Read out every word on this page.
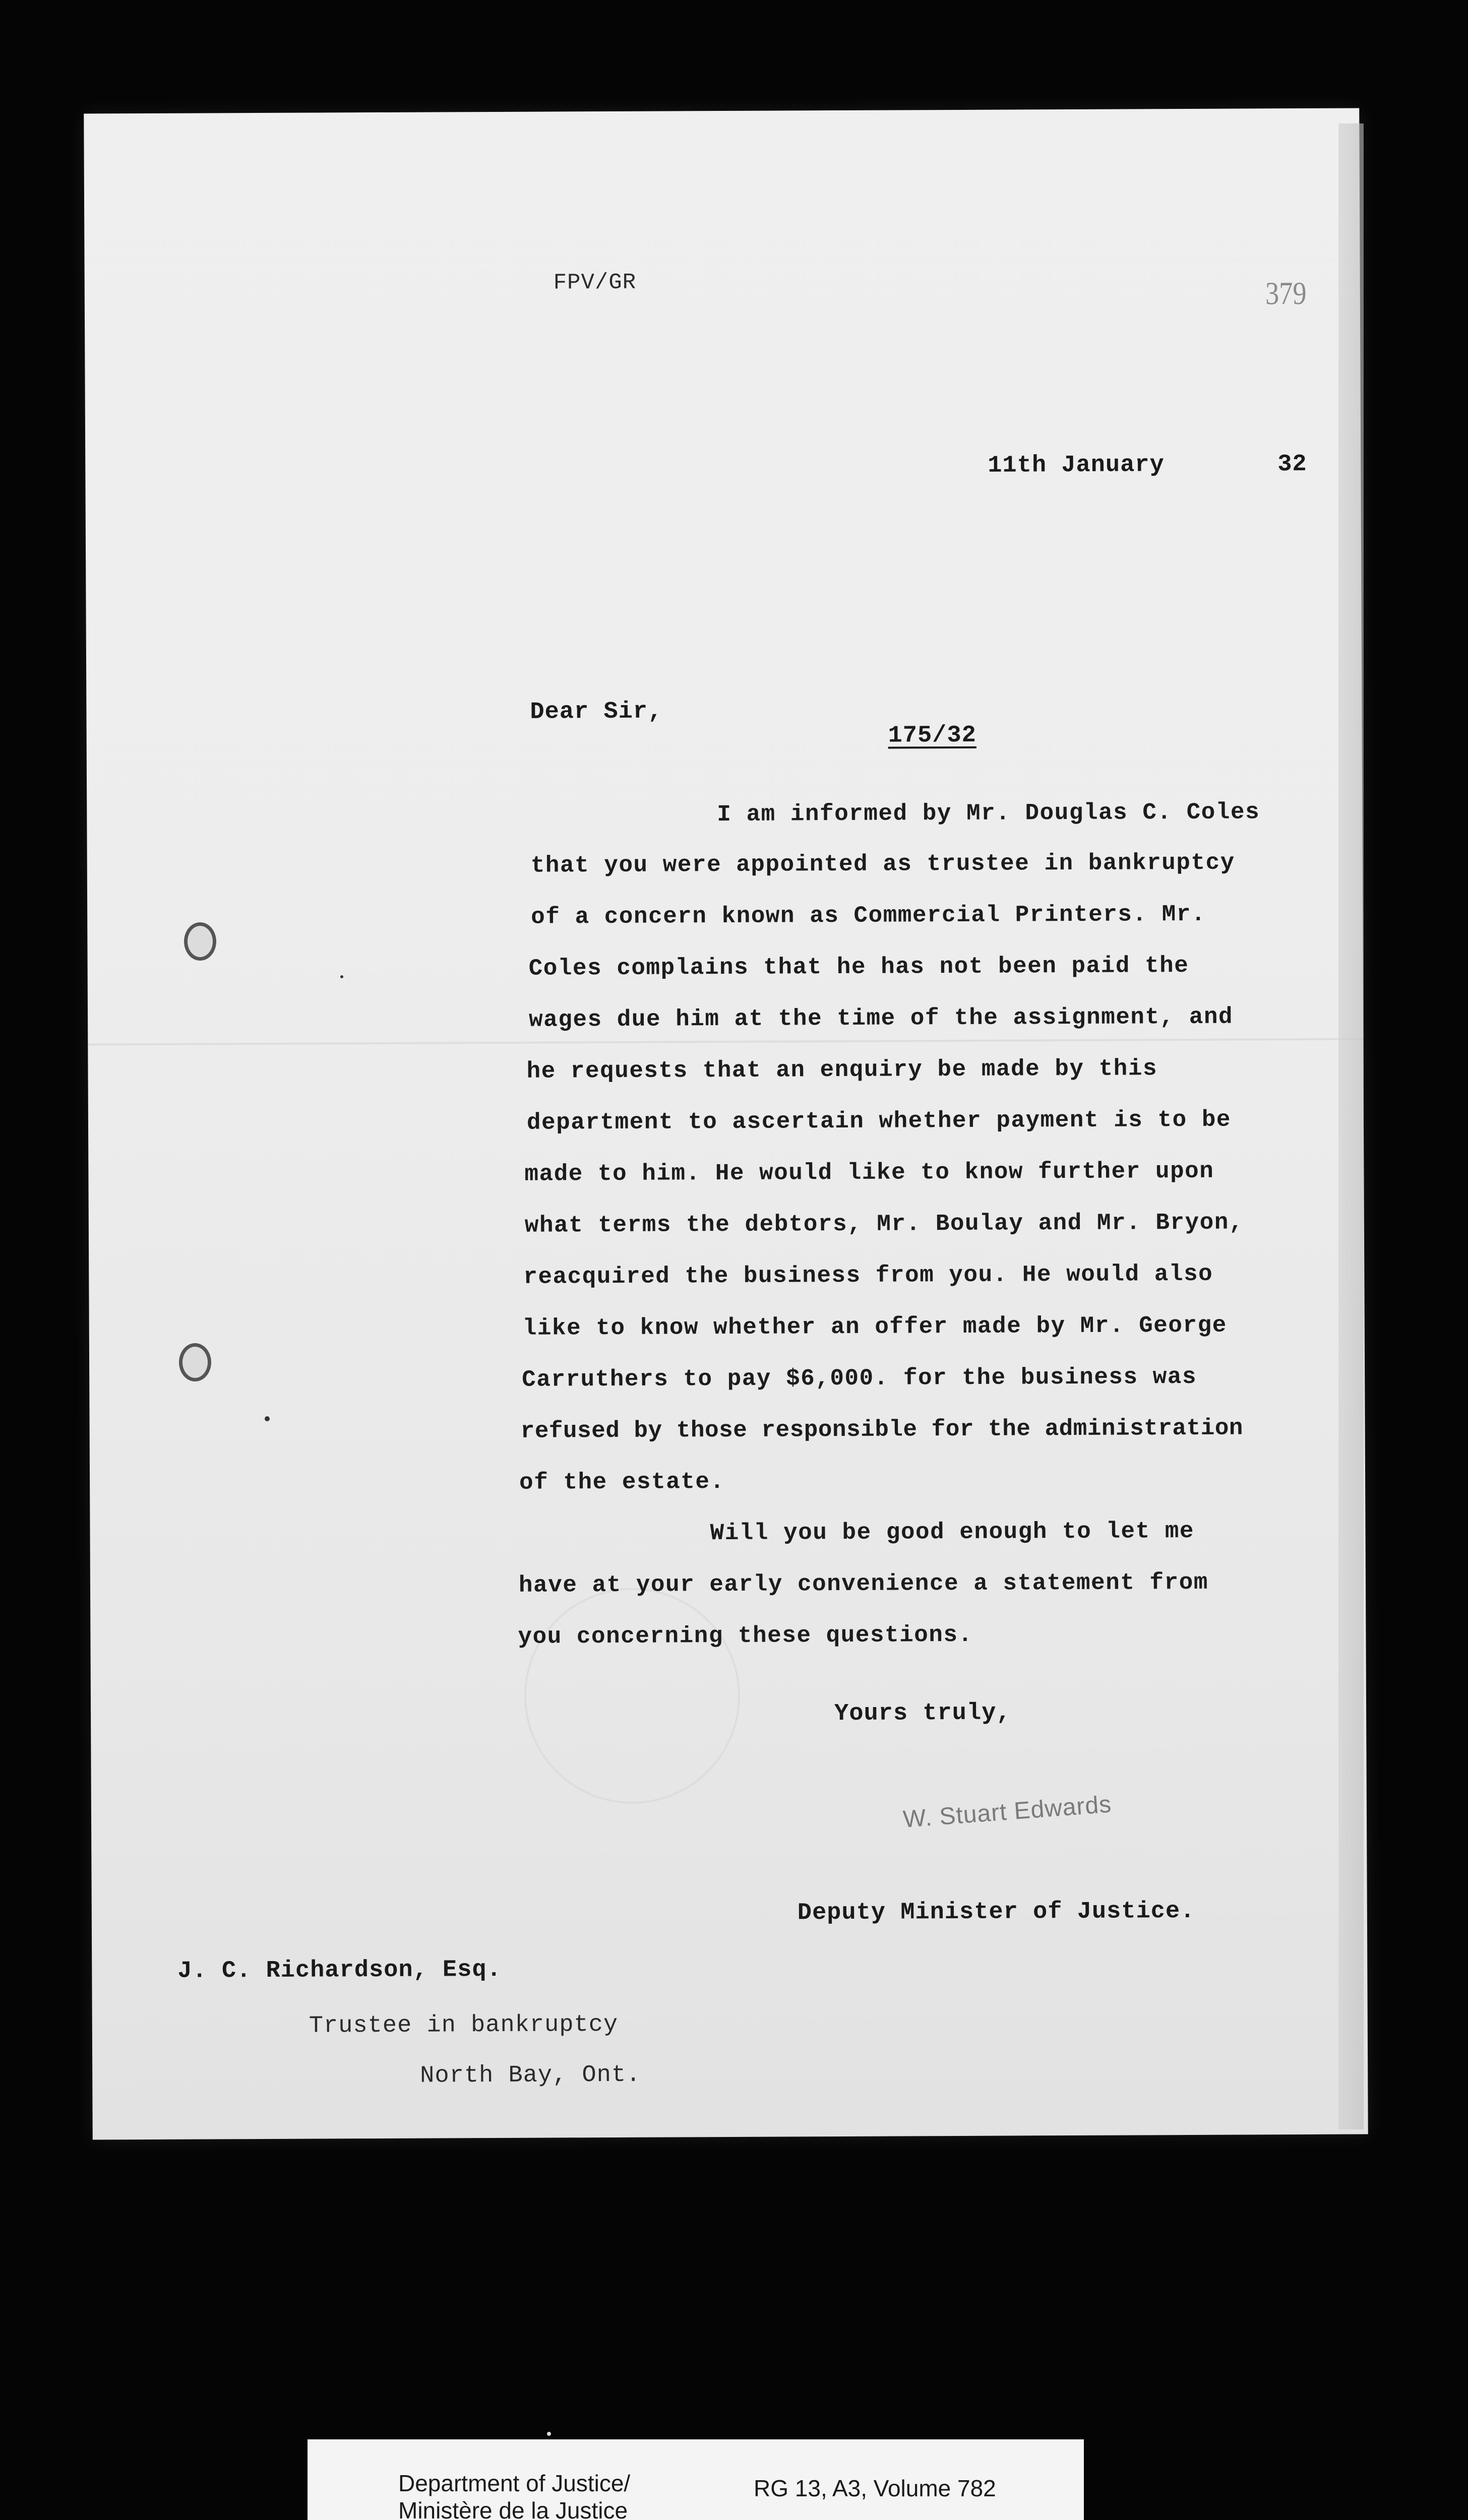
FPV/GR	379
11th January	32
Dear Sir,
175/32
I am informed by Mr. Douglas C. Coles
that you were appointed as trustee in bankruptcy
of a concern known as Commercial Printers. Mr.
Coles complains that he has not been paid the
wages due him at the time of the assignment, and
he requests that an enquiry be made by this
department to ascertain whether payment is to be
made to him. He would like to know further upon
what terms the debtors, Mr. Boulay and Mr. Bryon,
reacquired the business from you. He would also
like to know whether an offer made by Mr. George
Carruthers to pay $6,000. for the business was
refused by those responsible for the administration
of the estate.
Will you be good enough to let me
have at your early convenience a statement from
you concerning these questions.
Yours truly,
W. Stuart Edwards
Deputy Minister of Justice.
J. C. Richardson, Esq.
Trustee in bankruptcy
North Bay, Ont.
Department of Justice/
Ministère de la Justice
RG 13, A3, Volume 782
